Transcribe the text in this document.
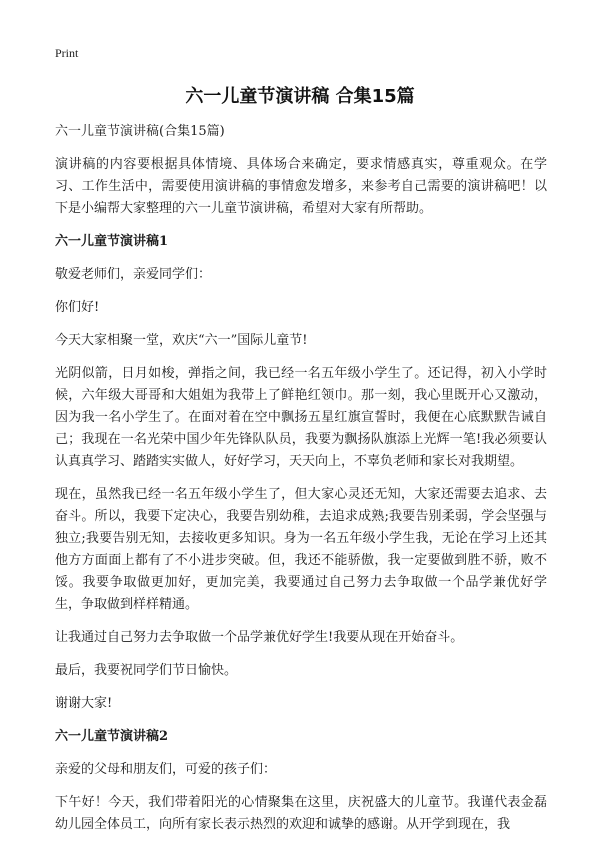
Print
六一儿童节演讲稿 合集15篇

六一儿童节演讲稿(合集15篇)

演讲稿的内容要根据具体情境、具体场合来确定，要求情感真实，尊重观众。在学习、工作生活中，需要使用演讲稿的事情愈发增多，来参考自己需要的演讲稿吧！以下是小编帮大家整理的六一儿童节演讲稿，希望对大家有所帮助。

六一儿童节演讲稿1

敬爱老师们，亲爱同学们：

你们好!

今天大家相聚一堂，欢庆“六一”国际儿童节!

光阴似箭，日月如梭，弹指之间，我已经一名五年级小学生了。还记得，初入小学时候，六年级大哥哥和大姐姐为我带上了鲜艳红领巾。那一刻，我心里既开心又激动，因为我一名小学生了。在面对着在空中飘扬五星红旗宣誓时，我便在心底默默告诫自己；我现在一名光荣中国少年先锋队队员，我要为飘扬队旗添上光辉一笔!我必须要认认真真学习、踏踏实实做人，好好学习，天天向上，不辜负老师和家长对我期望。

现在，虽然我已经一名五年级小学生了，但大家心灵还无知，大家还需要去追求、去奋斗。所以，我要下定决心，我要告别幼稚，去追求成熟;我要告别柔弱，学会坚强与独立;我要告别无知，去接收更多知识。身为一名五年级小学生我，无论在学习上还其他方方面面上都有了不小进步突破。但，我还不能骄傲，我一定要做到胜不骄，败不馁。我要争取做更加好，更加完美，我要通过自己努力去争取做一个品学兼优好学生，争取做到样样精通。

让我通过自己努力去争取做一个品学兼优好学生!我要从现在开始奋斗。

最后，我要祝同学们节日愉快。

谢谢大家!

六一儿童节演讲稿2

亲爱的父母和朋友们，可爱的孩子们：

下午好！今天，我们带着阳光的心情聚集在这里，庆祝盛大的儿童节。我谨代表金磊幼儿园全体员工，向所有家长表示热烈的欢迎和诚挚的感谢。从开学到现在，我
